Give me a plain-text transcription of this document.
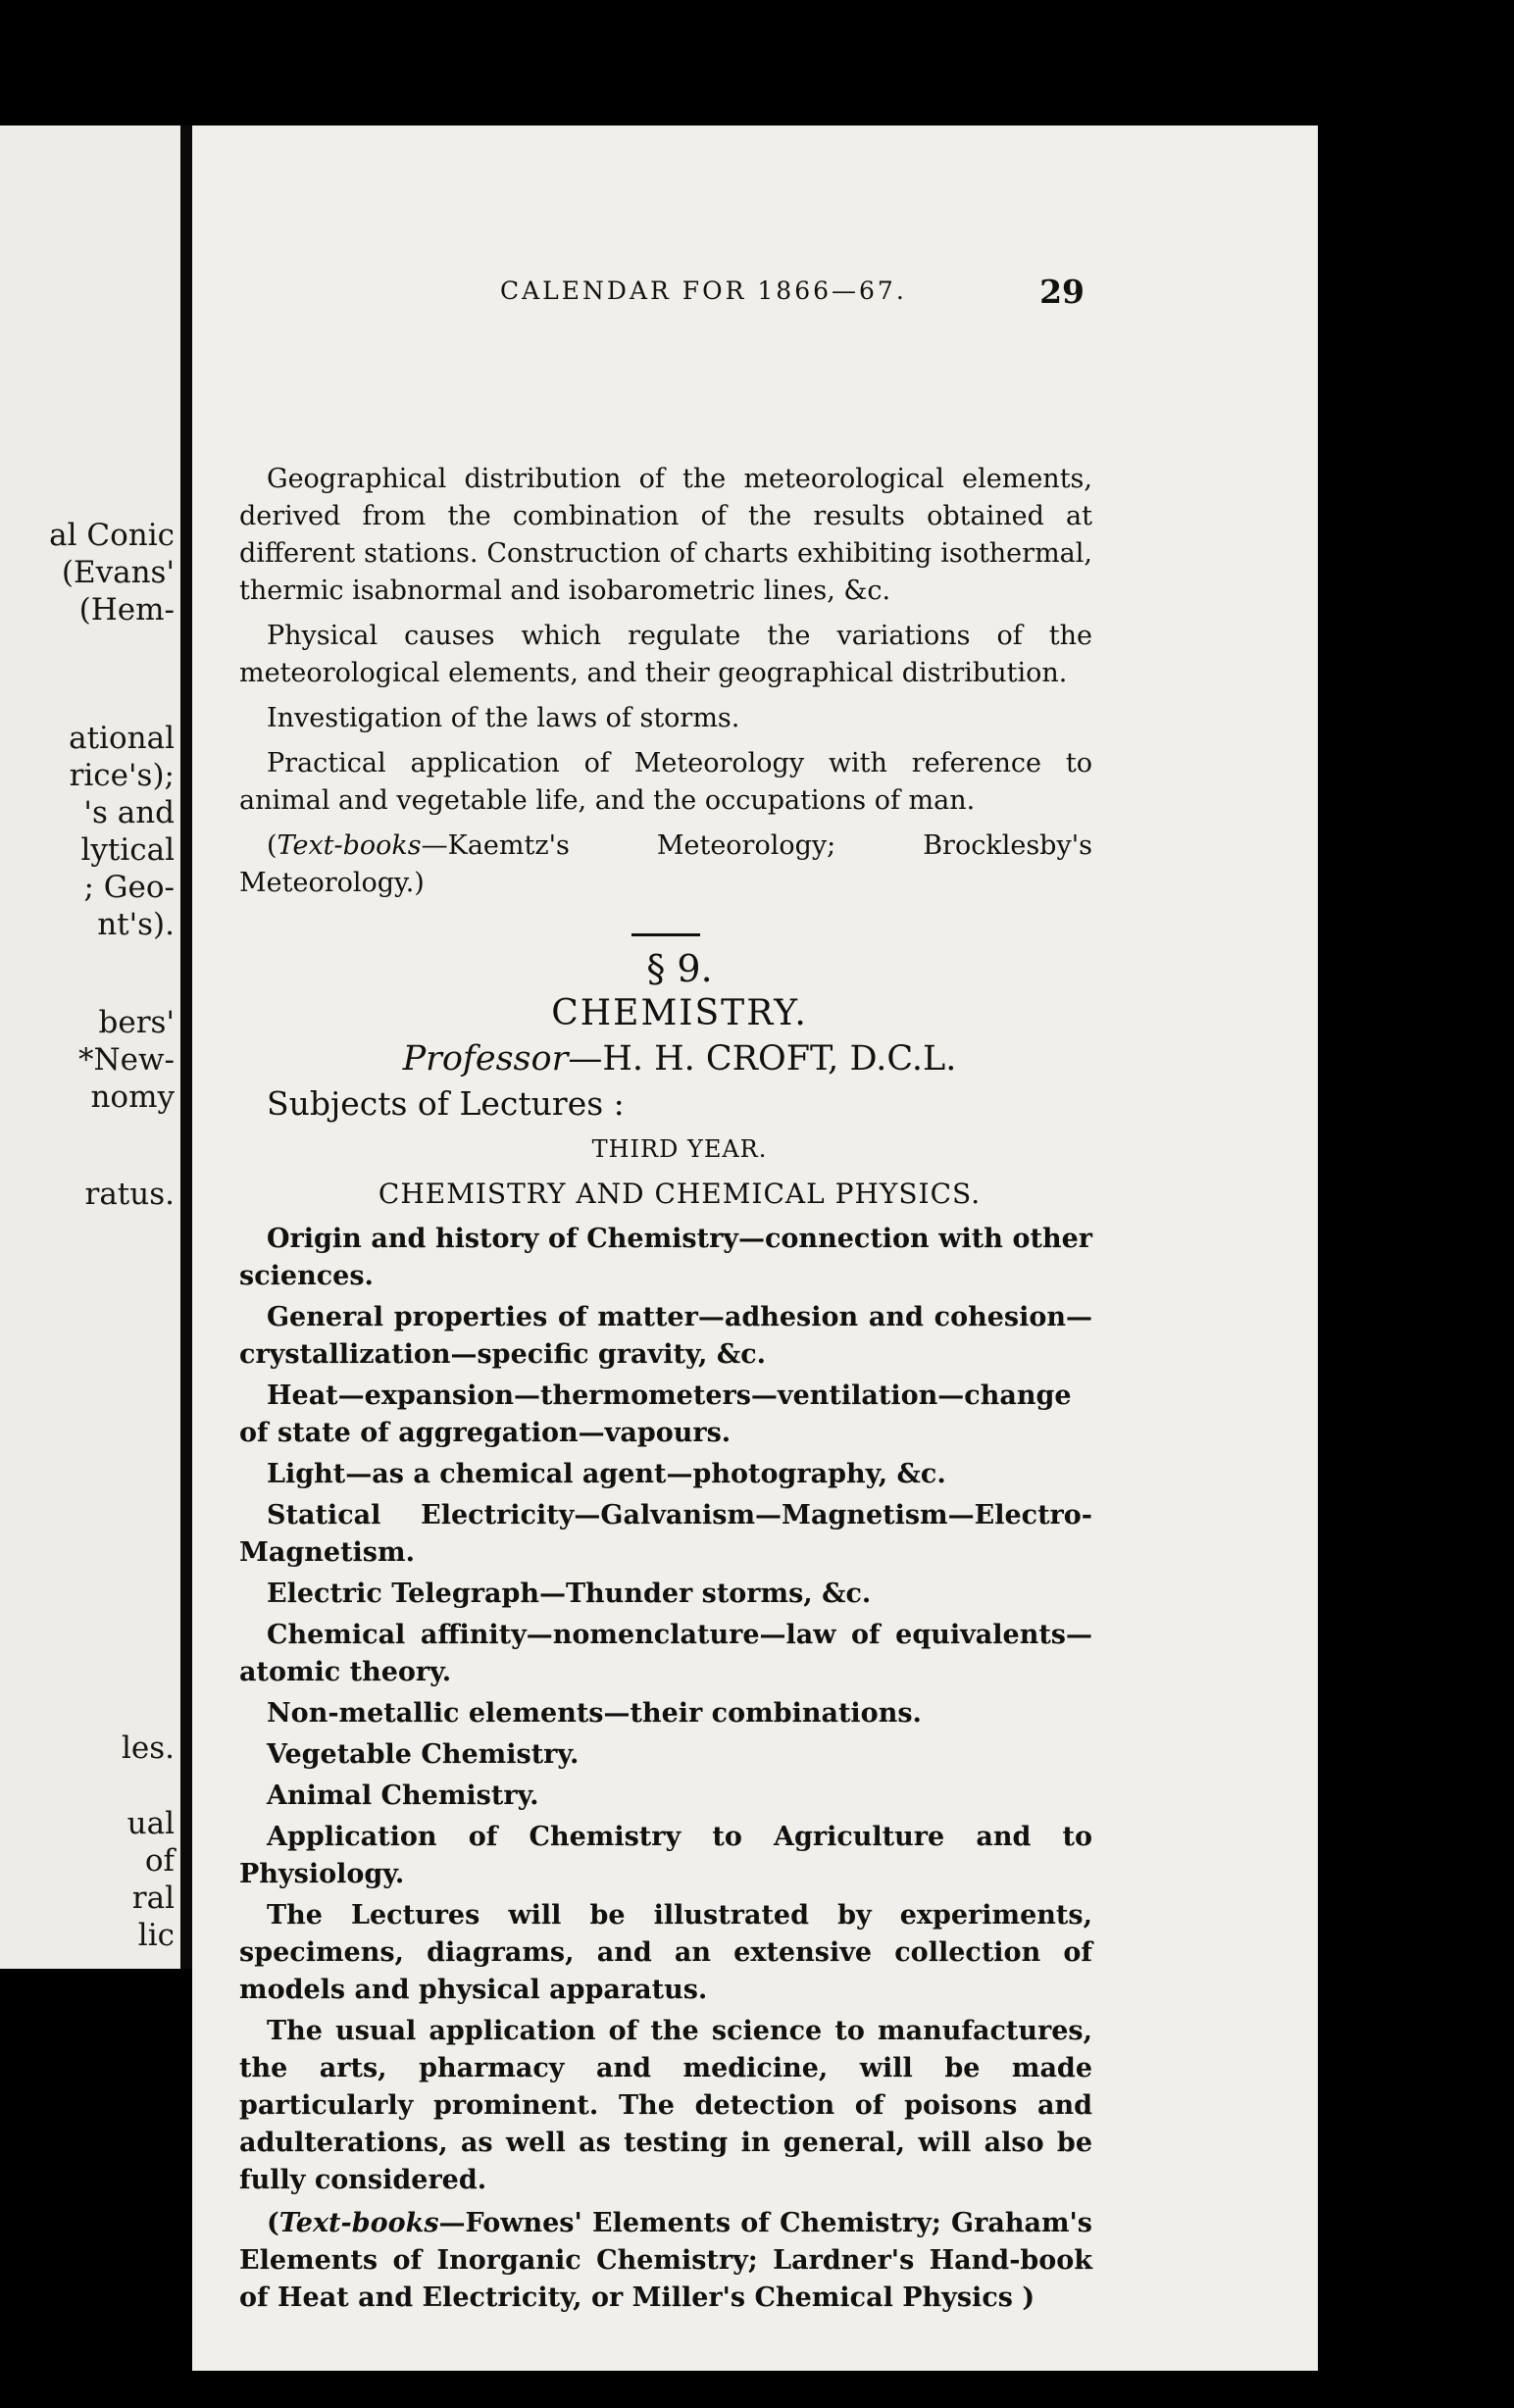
al Conic
(Evans'
(Hem-
ational
rice's);
's and
lytical
; Geo-
nt's).
bers'
*New-
nomy
ratus.
les.
ual
of
ral
lic
CALENDAR FOR 1866—67.	29

Geographical distribution of the meteorological elements, derived from the combination of the results obtained at different stations. Construction of charts exhibiting isothermal, thermic isabnormal and isobarometric lines, &c.

Physical causes which regulate the variations of the meteorological elements, and their geographical distribution.

Investigation of the laws of storms.

Practical application of Meteorology with reference to animal and vegetable life, and the occupations of man.

(Text-books—Kaemtz's Meteorology; Brocklesby's Meteorology.)

§ 9.

CHEMISTRY.

Professor—H. H. CROFT, D.C.L.

Subjects of Lectures :

THIRD YEAR.

CHEMISTRY AND CHEMICAL PHYSICS.

Origin and history of Chemistry—connection with other sciences.

General properties of matter—adhesion and cohesion—crystallization—specific gravity, &c.

Heat—expansion—thermometers—ventilation—change of state of aggregation—vapours.

Light—as a chemical agent—photography, &c.

Statical Electricity—Galvanism—Magnetism—Electro-Magnetism.

Electric Telegraph—Thunder storms, &c.

Chemical affinity—nomenclature—law of equivalents—atomic theory.

Non-metallic elements—their combinations.

Vegetable Chemistry.

Animal Chemistry.

Application of Chemistry to Agriculture and to Physiology.

The Lectures will be illustrated by experiments, specimens, diagrams, and an extensive collection of models and physical apparatus.

The usual application of the science to manufactures, the arts, pharmacy and medicine, will be made particularly prominent. The detection of poisons and adulterations, as well as testing in general, will also be fully considered.

(Text-books—Fownes' Elements of Chemistry; Graham's Elements of Inorganic Chemistry; Lardner's Hand-book of Heat and Electricity, or Miller's Chemical Physics )
